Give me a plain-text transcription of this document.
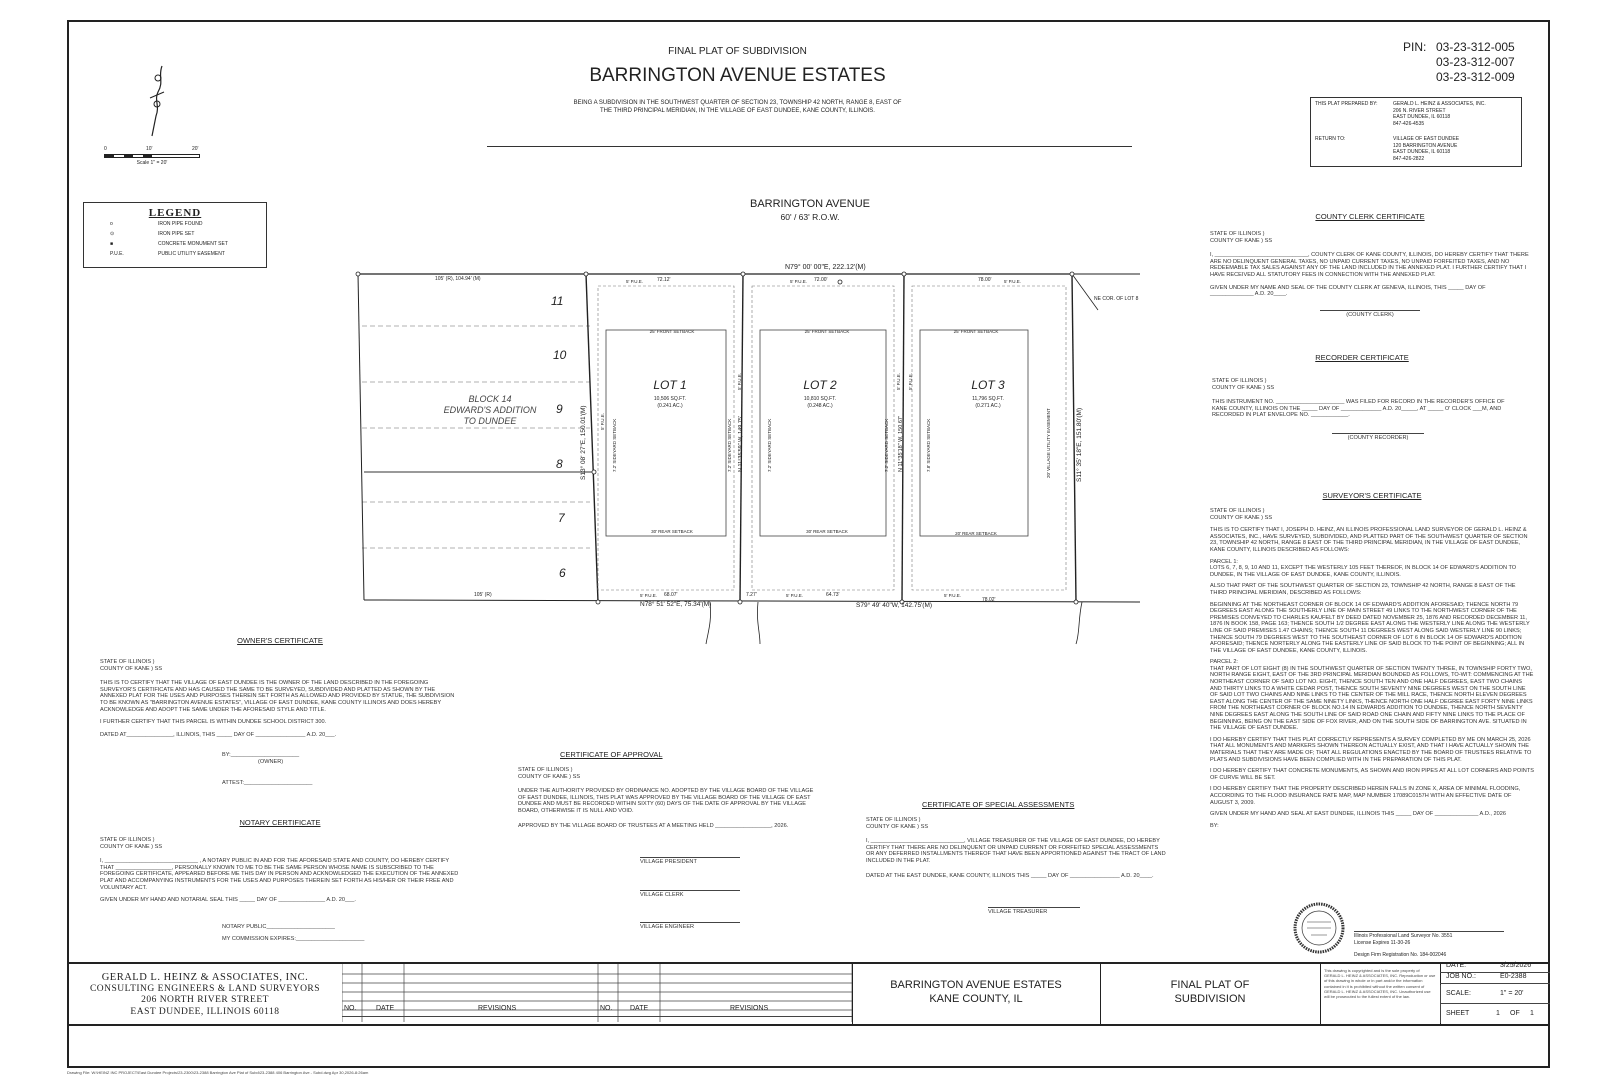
0	10'	20'
Scale 1" = 20'
LEGEND
o	IRON PIPE FOUND
⊙	IRON PIPE SET
■	CONCRETE MONUMENT SET
P.U.E.	PUBLIC UTILITY EASEMENT
FINAL PLAT OF SUBDIVISION
BARRINGTON AVENUE ESTATES
BEING A SUBDIVISION IN THE SOUTHWEST QUARTER OF SECTION 23, TOWNSHIP 42 NORTH, RANGE 8, EAST OF
THE THIRD PRINCIPAL MERIDIAN, IN THE VILLAGE OF EAST DUNDEE, KANE COUNTY, ILLINOIS.
PIN: 03-23-312-005
03-23-312-007
03-23-312-009
THIS PLAT PREPARED BY:	GERALD L. HEINZ & ASSOCIATES, INC.
206 N. RIVER STREET
EAST DUNDEE, IL 60118
847-426-4535
RETURN TO:	VILLAGE OF EAST DUNDEE
120 BARRINGTON AVENUE
EAST DUNDEE, IL 60118
847-426-2822
BARRINGTON AVENUE
60' / 63' R.O.W.
N79° 00' 00"E, 222.12'(M)
105' (R), 104.94' (M)
105' (R)
N78° 51' 52"E, 75.34'(M)	S79° 49' 40"W, 142.75'(M)
7.27'
NE COR. OF LOT 8
S13° 08' 27"E, 150.01'(M)	S11° 35' 18"E, 151.80'(M)
N 11°35'59" W, 149.75'	N 11°35'18" W, 150.67'
BLOCK 14
EDWARD'S ADDITION
TO DUNDEE
11
10
9
8
7
6
LOT 1
10,506 SQ.FT.
(0.241 AC.)
72.12'
68.07'
5' P.U.E.
5' P.U.E.
25' FRONT SETBACK
30' REAR SETBACK
LOT 2
10,810 SQ.FT.
(0.248 AC.)
72.00'
64.73'
5' P.U.E.
5' P.U.E.
25' FRONT SETBACK
30' REAR SETBACK
LOT 3
11,796 SQ.FT.
(0.271 AC.)
78.00'
78.02'
5' P.U.E.
5' P.U.E.
25' FRONT SETBACK
20' REAR SETBACK
20' VILLAGE UTILITY EASEMENT
7.2' SIDEYARD SETBACK	7.2' SIDEYARD SETBACK	7.2' SIDEYARD SETBACK	7.2' SIDEYARD SETBACK	7.8' SIDEYARD SETBACK
5' P.U.E.
5' P.U.E.	5' P.U.E. 5' P.U.E.
OWNER'S CERTIFICATE
STATE OF ILLINOIS )
COUNTY OF KANE ) SS
THIS IS TO CERTIFY THAT THE VILLAGE OF EAST DUNDEE IS THE OWNER OF THE LAND DESCRIBED IN THE FOREGOING SURVEYOR'S CERTIFICATE AND HAS CAUSED THE SAME TO BE SURVEYED, SUBDIVIDED AND PLATTED AS SHOWN BY THE ANNEXED PLAT FOR THE USES AND PURPOSES THEREIN SET FORTH AS ALLOWED AND PROVIDED BY STATUE, THE SUBDIVISION TO BE KNOWN AS "BARRINGTON AVENUE ESTATES", VILLAGE OF EAST DUNDEE, KANE COUNTY ILLINOIS AND DOES HEREBY ACKNOWLEDGE AND ADOPT THE SAME UNDER THE AFORESAID STYLE AND TITLE.
I FURTHER CERTIFY THAT THIS PARCEL IS WITHIN DUNDEE SCHOOL DISTRICT 300.
DATED AT_______________, ILLINOIS, THIS _____ DAY OF ________________ A.D. 20___.
BY:______________________
(OWNER)
ATTEST:______________________
NOTARY CERTIFICATE
STATE OF ILLINOIS )
COUNTY OF KANE ) SS
I, ______________________________ , A NOTARY PUBLIC IN AND FOR THE AFORESAID STATE AND COUNTY, DO HEREBY CERTIFY THAT __________________, PERSONALLY KNOWN TO ME TO BE THE SAME PERSON WHOSE NAME IS SUBSCRIBED TO THE FOREGOING CERTIFICATE, APPEARED BEFORE ME THIS DAY IN PERSON AND ACKNOWLEDGED THE EXECUTION OF THE ANNEXED PLAT AND ACCOMPANYING INSTRUMENTS FOR THE USES AND PURPOSES THEREIN SET FORTH AS HIS/HER OR THEIR FREE AND VOLUNTARY ACT.
GIVEN UNDER MY HAND AND NOTARIAL SEAL THIS _____ DAY OF _______________ A.D. 20___.
NOTARY PUBLIC______________________
MY COMMISSION EXPIRES:______________________
CERTIFICATE OF APPROVAL
STATE OF ILLINOIS )
COUNTY OF KANE ) SS
UNDER THE AUTHORITY PROVIDED BY ORDINANCE NO. ADOPTED BY THE VILLAGE BOARD OF THE VILLAGE OF EAST DUNDEE, ILLINOIS, THIS PLAT WAS APPROVED BY THE VILLAGE BOARD OF THE VILLAGE OF EAST DUNDEE AND MUST BE RECORDED WITHIN SIXTY (60) DAYS OF THE DATE OF APPROVAL BY THE VILLAGE BOARD, OTHERWISE IT IS NULL AND VOID.
APPROVED BY THE VILLAGE BOARD OF TRUSTEES AT A MEETING HELD __________________, 2026.
VILLAGE PRESIDENT
VILLAGE CLERK
VILLAGE ENGINEER
CERTIFICATE OF SPECIAL ASSESSMENTS
STATE OF ILLINOIS )
COUNTY OF KANE ) SS
I, ______________________________, VILLAGE TREASURER OF THE VILLAGE OF EAST DUNDEE, DO HEREBY CERTIFY THAT THERE ARE NO DELINQUENT OR UNPAID CURRENT OR FORFEITED SPECIAL ASSESSMENTS OR ANY DEFERRED INSTALLMENTS THEREOF THAT HAVE BEEN APPORTIONED AGAINST THE TRACT OF LAND INCLUDED IN THE PLAT.
DATED AT THE EAST DUNDEE, KANE COUNTY, ILLINOIS THIS _____ DAY OF ________________ A.D. 20____.
VILLAGE TREASURER
COUNTY CLERK CERTIFICATE
STATE OF ILLINOIS )
COUNTY OF KANE ) SS
I, ______________________________, COUNTY CLERK OF KANE COUNTY, ILLINOIS, DO HEREBY CERTIFY THAT THERE ARE NO DELINQUENT GENERAL TAXES, NO UNPAID CURRENT TAXES, NO UNPAID FORFEITED TAXES, AND NO REDEEMABLE TAX SALES AGAINST ANY OF THE LAND INCLUDED IN THE ANNEXED PLAT. I FURTHER CERTIFY THAT I HAVE RECEIVED ALL STATUTORY FEES IN CONNECTION WITH THE ANNEXED PLAT.
GIVEN UNDER MY NAME AND SEAL OF THE COUNTY CLERK AT GENEVA, ILLINOIS, THIS _____ DAY OF ______________ A.D. 20____.
(COUNTY CLERK)
RECORDER CERTIFICATE
STATE OF ILLINOIS )
COUNTY OF KANE ) SS
THIS INSTRUMENT NO. ______________________ WAS FILED FOR RECORD IN THE RECORDER'S OFFICE OF KANE COUNTY, ILLINOIS ON THE _____ DAY OF _____________ A.D. 20_____, AT _____ O' CLOCK ___M, AND RECORDED IN PLAT ENVELOPE NO. ____________.
(COUNTY RECORDER)
SURVEYOR'S CERTIFICATE
STATE OF ILLINOIS )
COUNTY OF KANE ) SS
THIS IS TO CERTIFY THAT I, JOSEPH D. HEINZ, AN ILLINOIS PROFESSIONAL LAND SURVEYOR OF GERALD L. HEINZ & ASSOCIATES, INC., HAVE SURVEYED, SUBDIVIDED, AND PLATTED PART OF THE SOUTHWEST QUARTER OF SECTION 23, TOWNSHIP 42 NORTH, RANGE 8 EAST OF THE THIRD PRINCIPAL MERIDIAN, IN THE VILLAGE OF EAST DUNDEE, KANE COUNTY, ILLINOIS DESCRIBED AS FOLLOWS:
PARCEL 1:
LOTS 6, 7, 8, 9, 10 AND 11, EXCEPT THE WESTERLY 105 FEET THEREOF, IN BLOCK 14 OF EDWARD'S ADDITION TO DUNDEE, IN THE VILLAGE OF EAST DUNDEE, KANE COUNTY, ILLINOIS.
ALSO THAT PART OF THE SOUTHWEST QUARTER OF SECTION 23, TOWNSHIP 42 NORTH, RANGE 8 EAST OF THE THIRD PRINCIPAL MERIDIAN, DESCRIBED AS FOLLOWS:
BEGINNING AT THE NORTHEAST CORNER OF BLOCK 14 OF EDWARD'S ADDITION AFORESAID; THENCE NORTH 79 DEGREES EAST ALONG THE SOUTHERLY LINE OF MAIN STREET 49 LINKS TO THE NORTHWEST CORNER OF THE PREMISES CONVEYED TO CHARLES KAUFELT BY DEED DATED NOVEMBER 25, 1876 AND RECORDED DECEMBER 11, 1876 IN BOOK 158, PAGE 163; THENCE SOUTH 1/2 DEGREE EAST ALONG THE WESTERLY LINE ALONG THE WESTERLY LINE OF SAID PREMISES 1.47 CHAINS; THENCE SOUTH 11 DEGREES WEST ALONG SAID WESTERLY LINE 90 LINKS; THENCE SOUTH 79 DEGREES WEST TO THE SOUTHEAST CORNER OF LOT 6 IN BLOCK 14 OF EDWARD'S ADDITION AFORESAID; THENCE NORTERLY ALONG THE EASTERLY LINE OF SAID BLOCK TO THE POINT OF BEGINNING; ALL IN THE VILLAGE OF EAST DUNDEE, KANE COUNTY, ILLINOIS.
PARCEL 2:
THAT PART OF LOT EIGHT (8) IN THE SOUTHWEST QUARTER OF SECTION TWENTY THREE, IN TOWNSHIP FORTY TWO, NORTH RANGE EIGHT, EAST OF THE 3RD PRINCIPAL MERIDIAN BOUNDED AS FOLLOWS, TO-WIT: COMMENCING AT THE NORTHEAST CORNER OF SAID LOT NO. EIGHT, THENCE SOUTH TEN AND ONE HALF DEGREES, EAST TWO CHAINS AND THIRTY LINKS TO A WHITE CEDAR POST, THENCE SOUTH SEVENTY NINE DEGREES WEST ON THE SOUTH LINE OF SAID LOT TWO CHAINS AND NINE LINKS TO THE CENTER OF THE MILL RACE, THENCE NORTH ELEVEN DEGREES EAST ALONG THE CENTER OF THE SAME NINETY LINKS, THENCE NORTH ONE HALF DEGREE EAST FORTY NINE LINKS FROM THE NORTHEAST CORNER OF BLOCK NO.14 IN EDWARDS ADDITION TO DUNDEE, THENCE NORTH SEVENTY NINE DEGREES EAST ALONG THE SOUTH LINE OF SAID ROAD ONE CHAIN AND FIFTY NINE LINKS TO THE PLACE OF BEGINNING, BEING ON THE EAST SIDE OF FOX RIVER, AND ON THE SOUTH SIDE OF BARRINGTON AVE. SITUATED IN THE VILLAGE OF EAST DUNDEE.
I DO HEREBY CERTIFY THAT THIS PLAT CORRECTLY REPRESENTS A SURVEY COMPLETED BY ME ON MARCH 25, 2026 THAT ALL MONUMENTS AND MARKERS SHOWN THEREON ACTUALLY EXIST, AND THAT I HAVE ACTUALLY SHOWN THE MATERIALS THAT THEY ARE MADE OF; THAT ALL REGULATIONS ENACTED BY THE BOARD OF TRUSTEES RELATIVE TO PLATS AND SUBDIVISIONS HAVE BEEN COMPLIED WITH IN THE PREPARATION OF THIS PLAT.
I DO HEREBY CERTIFY THAT CONCRETE MONUMENTS, AS SHOWN AND IRON PIPES AT ALL LOT CORNERS AND POINTS OF CURVE WILL BE SET.
I DO HEREBY CERTIFY THAT THE PROPERTY DESCRIBED HEREIN FALLS IN ZONE X, AREA OF MINIMAL FLOODING, ACCORDING TO THE FLOOD INSURANCE RATE MAP, MAP NUMBER 17089C0157H WITH AN EFFECTIVE DATE OF AUGUST 3, 2009.
GIVEN UNDER MY HAND AND SEAL AT EAST DUNDEE, ILLINOIS THIS _____ DAY OF ______________ A.D., 2026
BY:
Illinois Professional Land Surveyor No. 3551
License Expires 11-30-26
Design Firm Registration No. 184-002046
GERALD L. HEINZ & ASSOCIATES, INC.
CONSULTING ENGINEERS & LAND SURVEYORS
206 NORTH RIVER STREET
EAST DUNDEE, ILLINOIS 60118	NO.	DATE	REVISIONS	NO.	DATE	REVISIONS
BARRINGTON AVENUE ESTATES
KANE COUNTY, IL
FINAL PLAT OF
SUBDIVISION
This drawing is copyrighted and is the sole property of GERALD L. HEINZ & ASSOCIATES, INC. Reproduction or use of this drawing in whole or in part and/or the information contained in it is prohibited without the written consent of GERALD L. HEINZ & ASSOCIATES, INC. Unauthorized use will be prosecuted to the fullest extent of the law.
DATE:	3/25/2026
JOB NO.:	E0-2388
SCALE:	1" = 20'
SHEET	1	OF	1
Drawing File: W:\HEINZ INC PROJECT\East Dundee Projects\23-2300\23-2388 Barrington Ave Plat of Subd\23-2388 406 Barrington Ave - Subd.dwg Apr 30,2026-8:26am
